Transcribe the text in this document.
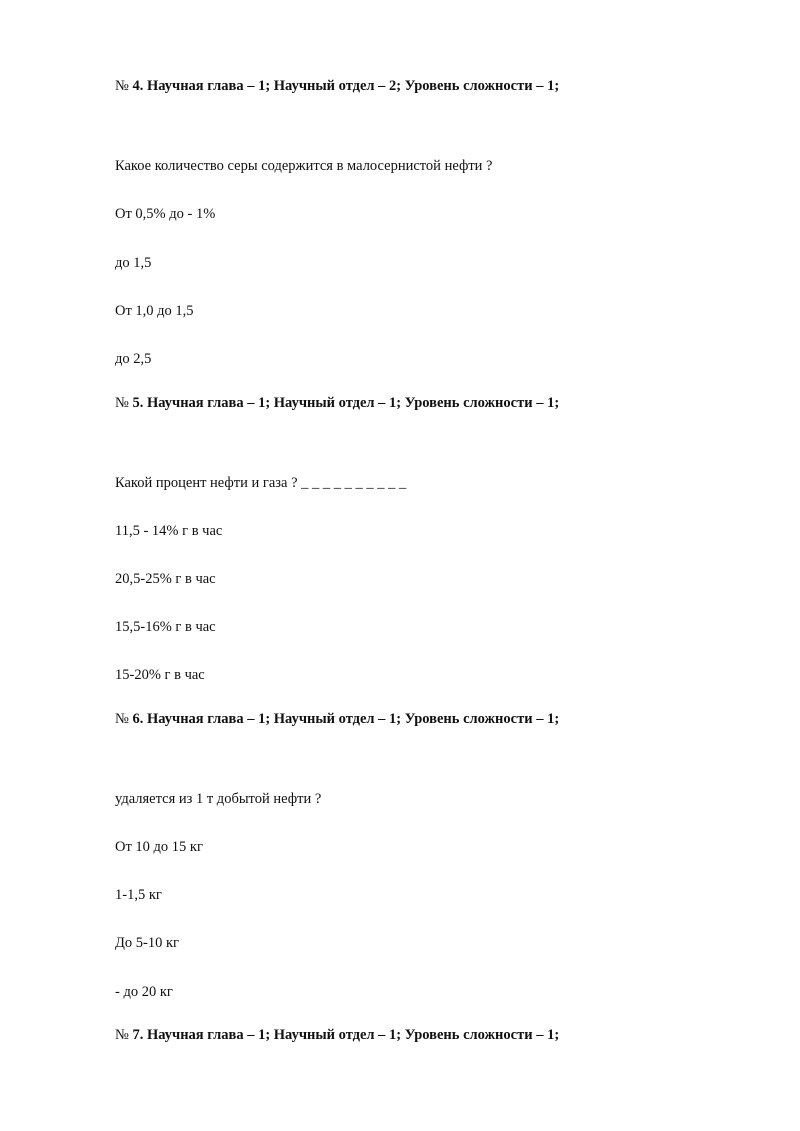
№ 4. Научная глава – 1; Научный отдел – 2; Уровень сложности – 1;
Какое количество серы содержится в малосернистой нефти ?
От 0,5% до - 1%
до 1,5
От 1,0 до 1,5
до 2,5
№ 5. Научная глава – 1; Научный отдел – 1; Уровень сложности – 1;
Какой процент нефти и газа ? _ _ _ _ _ _ _ _ _ _
11,5 - 14% г в час
20,5-25% г в час
15,5-16% г в час
15-20% г в час
№ 6. Научная глава – 1; Научный отдел – 1; Уровень сложности – 1;
удаляется из 1 т добытой нефти ?
От 10 до 15 кг
1-1,5 кг
До 5-10 кг
- до 20 кг
№ 7. Научная глава – 1; Научный отдел – 1; Уровень сложности – 1;
